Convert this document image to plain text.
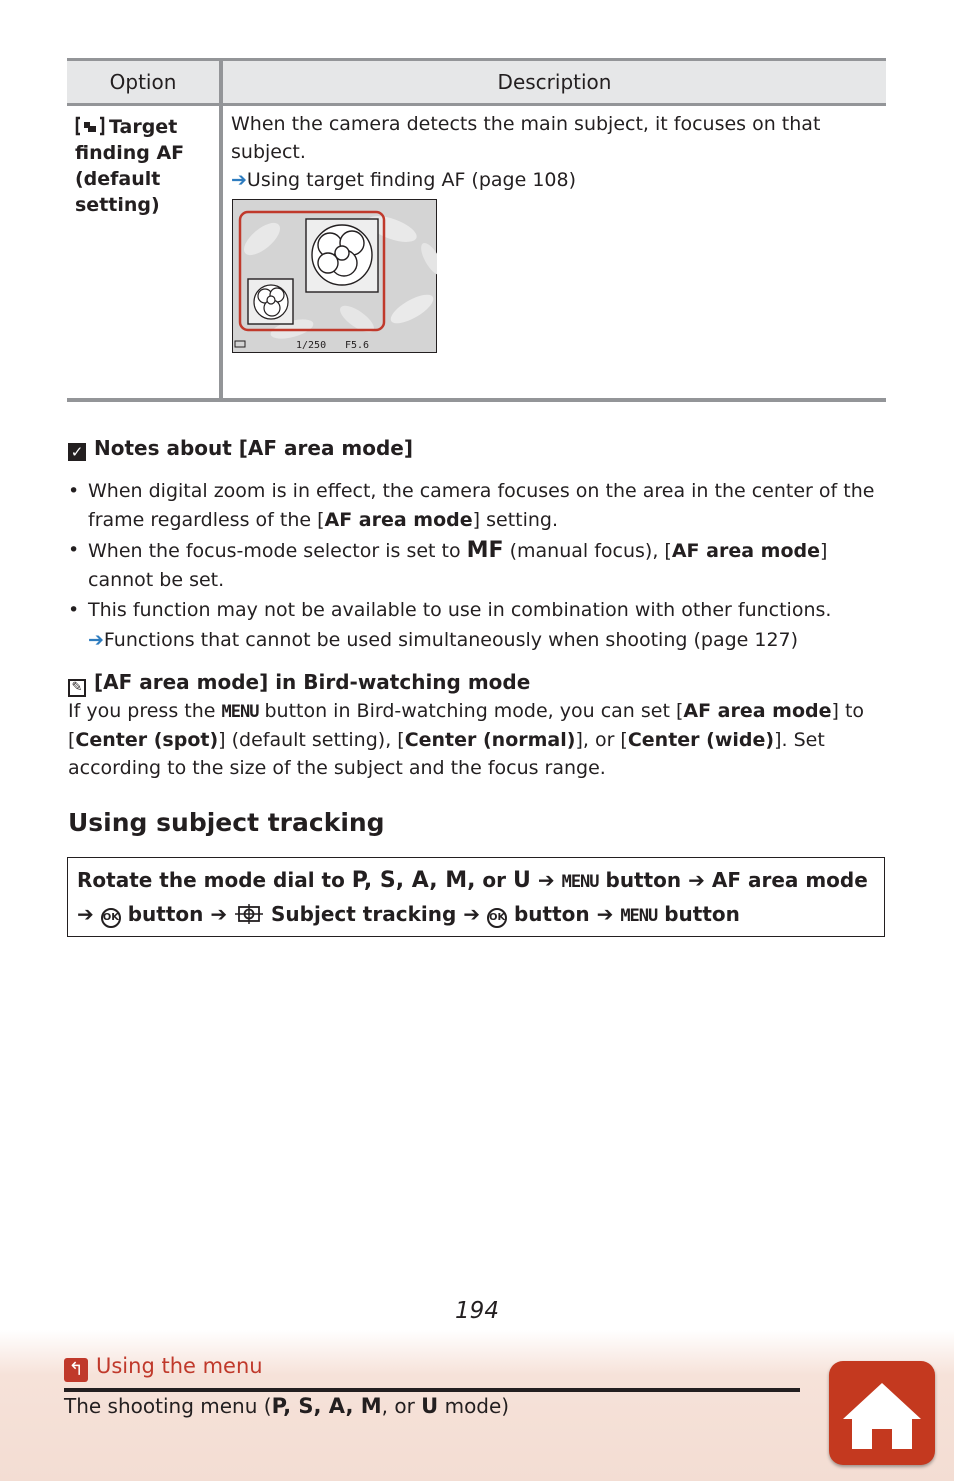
Option	Description
Target finding AF (default setting)
When the camera detects the main subject, it focuses on that subject.
➔Using target finding AF (page 108)
1/250 F5.6
✓ Notes about [AF area mode]
• When digital zoom is in effect, the camera focuses on the area in the center of the frame regardless of the [AF area mode] setting.
• When the focus-mode selector is set to MF (manual focus), [AF area mode] cannot be set.
• This function may not be available to use in combination with other functions.
➔Functions that cannot be used simultaneously when shooting (page 127)
✎ [AF area mode] in Bird-watching mode
If you press the MENU button in Bird-watching mode, you can set [AF area mode] to [Center (spot)] (default setting), [Center (normal)], or [Center (wide)]. Set according to the size of the subject and the focus range.
Using subject tracking
Rotate the mode dial to P, S, A, M, or U ➔ MENU button ➔ AF area mode
➔ OK button ➔ Subject tracking ➔ OK button ➔ MENU button
194
↰ Using the menu
The shooting menu (P, S, A, M, or U mode)
